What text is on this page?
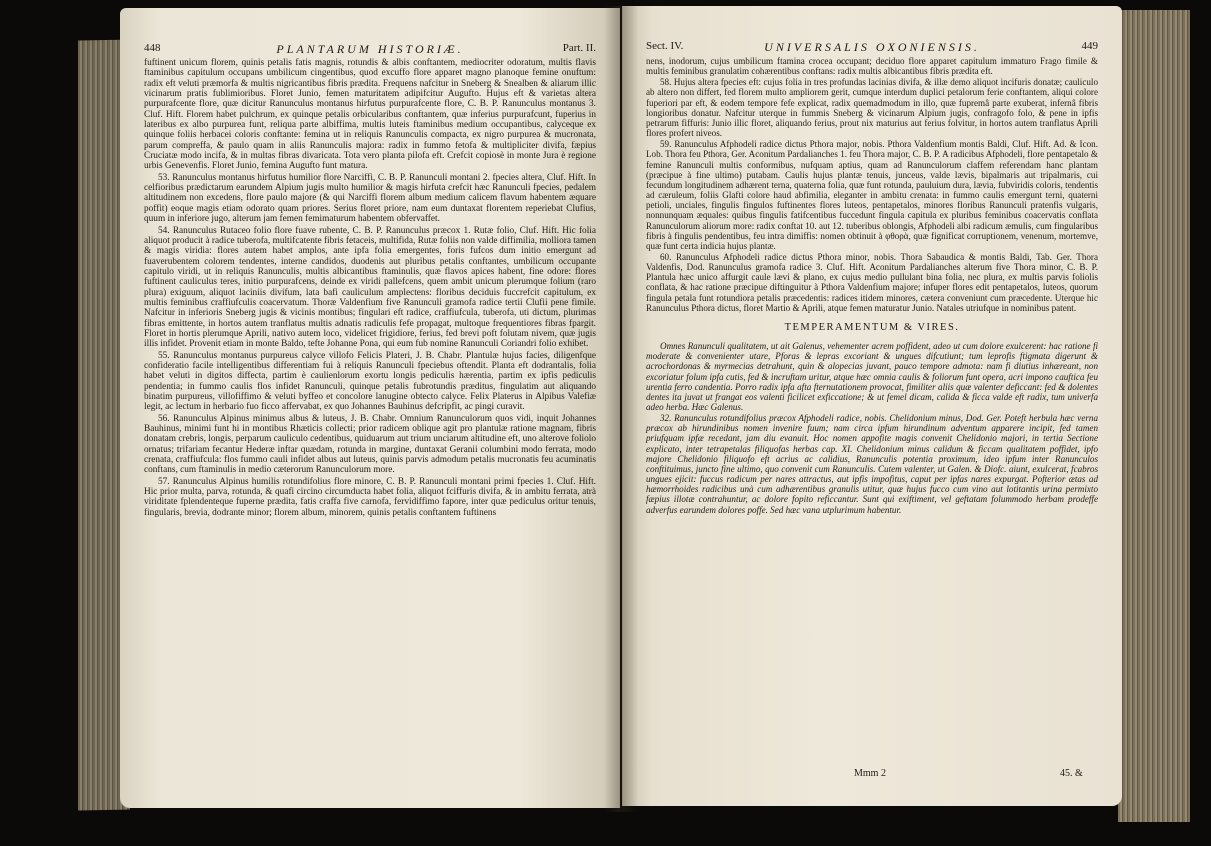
448	PLANTARUM HISTORIÆ.	Part. II.

fuftinent unicum florem, quinis petalis fatis magnis, rotundis & albis conftantem, mediocriter odoratum, multis flavis ftaminibus capitulum occupans umbilicum cingentibus, quod excuffo flore apparet magno planoque femine onuftum: radix eft veluti præmorfa & multis nigricantibus fibris prædita. Frequens nafcitur in Sneberg & Snealben & aliarum illic vicinarum pratis fublimioribus. Floret Junio, femen maturitatem adipifcitur Augufto. Hujus eft & varietas altera purpurafcente flore, quæ dicitur Ranunculus montanus hirfutus purpurafcente flore, C. B. P. Ranunculus montanus 3. Cluf. Hift. Florem habet pulchrum, ex quinque petalis orbicularibus conftantem, quæ inferius purpurafcunt, fuperius in lateribus ex albo purpurea funt, reliqua parte albiffima, multis luteis ftaminibus medium occupantibus, calyceque ex quinque foliis herbacei coloris conftante: femina ut in reliquis Ranunculis compacta, ex nigro purpurea & mucronata, parum compreffa, & paulo quam in aliis Ranunculis majora: radix in fummo fetofa & multipliciter divifa, fæpius Cruciatæ modo incifa, & in multas fibras divaricata. Tota vero planta pilofa eft. Crefcit copiosè in monte Jura è regione urbis Genevenfis. Floret Junio, femina Augufto funt matura.

53. Ranunculus montanus hirfutus humilior flore Narciffi, C. B. P. Ranunculi montani 2. fpecies altera, Cluf. Hift. In celfioribus prædictarum earundem Alpium jugis multo humilior & magis hirfuta crefcit hæc Ranunculi fpecies, pedalem altitudinem non excedens, flore paulo majore (& qui Narciffi florem album medium calicem flavum habentem æquare poffit) eoque magis etiam odorato quam priores. Serius floret priore, nam eum duntaxat florentem reperiebat Clufius, quum in inferiore jugo, alterum jam femen femimaturum habentem obfervaffet.

54. Ranunculus Rutaceo folio flore fuave rubente, C. B. P. Ranunculus præcox 1. Rutæ folio, Cluf. Hift. Hic folia aliquot producit à radice tuberofa, multifcatente fibris fetaceis, multifida, Rutæ foliis non valde diffimilia, molliora tamen & magis viridia: flores autem habet amplos, ante ipfa folia emergentes, foris fufcos dum initio emergunt ad fuaverubentem colorem tendentes, interne candidos, duodenis aut pluribus petalis conftantes, umbilicum occupante capitulo viridi, ut in reliquis Ranunculis, multis albicantibus ftaminulis, quæ flavos apices habent, fine odore: flores fuftinent cauliculus teres, initio purpurafcens, deinde ex viridi pallefcens, quem ambit unicum plerumque folium (raro plura) exiguum, aliquot laciniis divifum, lata bafi cauliculum amplectens: floribus deciduis fuccrefcit capitulum, ex multis feminibus craffiufculis coacervatum. Thoræ Valdenfium five Ranunculi gramofa radice tertii Clufii pene fimile. Nafcitur in inferioris Sneberg jugis & vicinis montibus; fingulari eft radice, craffiufcula, tuberofa, uti dictum, plurimas fibras emittente, in hortos autem tranflatus multis adnatis radiculis fefe propagat, multoque frequentiores fibras fpargit. Floret in hortis plerumque Aprili, nativo autem loco, videlicet frigidiore, ferius, fed brevi poft folutam nivem, quæ jugis illis infidet. Provenit etiam in monte Baldo, tefte Johanne Pona, qui eum fub nomine Ranunculi Coriandri folio exhibet.

55. Ranunculus montanus purpureus calyce villofo Felicis Plateri, J. B. Chabr. Plantulæ hujus facies, diligenfque confideratio facile intelligentibus differentiam fui à reliquis Ranunculi fpeciebus oftendit. Planta eft dodrantalis, folia habet veluti in digitos diffecta, partim è caulienlorum exortu longis pediculis hærentia, partim ex ipfis pediculis pendentia; in fummo caulis flos infidet Ranunculi, quinque petalis fubrotundis præditus, fingulatim aut aliquando binatim purpureus, villofiffimo & veluti byffeo et concolore lanugine obtecto calyce. Felix Platerus in Alpibus Valefiæ legit, ac lectum in herbario fuo ficco affervabat, ex quo Johannes Bauhinus defcripfit, ac pingi curavit.

56. Ranunculus Alpinus minimus albus & luteus, J. B. Chabr. Omnium Ranunculorum quos vidi, inquit Johannes Bauhinus, minimi funt hi in montibus Rhæticis collecti; prior radicem oblique agit pro plantulæ ratione magnam, fibris donatam crebris, longis, perparum cauliculo cedentibus, quiduarum aut trium unciarum altitudine eft, uno alterove foliolo ornatus; trifariam fecantur Hederæ inftar quædam, rotunda in margine, duntaxat Geranii columbini modo ferrata, modo crenata, craffiufcula: flos fummo cauli infidet albus aut luteus, quinis parvis admodum petalis mucronatis feu acuminatis conftans, cum ftaminulis in medio cæterorum Ranunculorum more.

57. Ranunculus Alpinus humilis rotundifolius flore minore, C. B. P. Ranunculi montani primi fpecies 1. Cluf. Hift. Hic prior multa, parva, rotunda, & quafi circino circumducta habet folia, aliquot fciffuris divifa, & in ambitu ferrata, atrà viriditate fplendenteque fuperne prædita, fatis craffa five carnofa, fervidiffimo fapore, inter quæ pediculus oritur tenuis, fingularis, brevia, dodrante minor; florem album, minorem, quinis petalis conftantem fuftinens

Sect. IV.	UNIVERSALIS OXONIENSIS.	449

nens, inodorum, cujus umbilicum ftamina crocea occupant; deciduo flore apparet capitulum immaturo Frago fimile & multis feminibus granulatim cohærentibus conftans: radix multis albicantibus fibris prædita eft.

58. Hujus altera fpecies eft: cujus folia in tres profundas lacinias divifa, & illæ demo aliquot incifuris donatæ; cauliculo ab altero non differt, fed florem multo ampliorem gerit, cumque interdum duplici petalorum ferie conftantem, aliqui colore fuperiori par eft, & eodem tempore fefe explicat, radix quemadmodum in illo, quæ fupremâ parte exuberat, infernâ fibris longioribus donatur. Nafcitur uterque in fummis Sneberg & vicinarum Alpium jugis, confragofo folo, & pene in ipfis petrarum fiffuris: Junio illic floret, aliquando ferius, prout nix maturius aut ferius folvitur, in hortos autem tranflatus Aprili flores profert niveos.

59. Ranunculus Afphodeli radice dictus Pthora major, nobis. Pthora Valdenfium montis Baldi, Cluf. Hift. Ad. & Icon. Lob. Thora feu Pthora, Ger. Aconitum Pardalianches 1. feu Thora major, C. B. P. A radicibus Afphodeli, flore pentapetalo & femine Ranunculi multis conformibus, nufquam aptius, quam ad Ranunculorum claffem referendam hanc plantam (præcipue à fine ultimo) putabam. Caulis hujus plantæ tenuis, junceus, valde lævis, bipalmaris aut tripalmaris, cui fecundum longitudinem adhærent terna, quaterna folia, quæ funt rotunda, pauluium dura, lævia, fubviridis coloris, tendentis ad cæruleum, foliis Glafti colore haud abfimilia, eleganter in ambitu crenata: in fummo caulis emergunt terni, quaterni petioli, unciales, fingulis fingulos fuftinentes flores luteos, pentapetalos, minores floribus Ranunculi pratenfis vulgaris, nonnunquam æquales: quibus fingulis fatifcentibus fuccedunt fingula capitula ex pluribus feminibus coacervatis conflata Ranunculorum aliorum more: radix conftat 10. aut 12. tuberibus oblongis, Afphodeli albi radicum æmulis, cum fingularibus fibris à fingulis pendentibus, feu intra dimiffis: nomen obtinuit à φθορὰ, quæ fignificat corruptionem, venenum, mortemve, quæ funt certa indicia hujus plantæ.

60. Ranunculus Afphodeli radice dictus Pthora minor, nobis. Thora Sabaudica & montis Baldi, Tab. Ger. Thora Valdenfis, Dod. Ranunculus gramofa radice 3. Cluf. Hift. Aconitum Pardalianches alterum five Thora minor, C. B. P. Plantula hæc unico affurgit caule lævi & plano, ex cujus medio pullulant bina folia, nec plura, ex multis parvis foliolis conflata, & hac ratione præcipue diftinguitur à Pthora Valdenfium majore; infuper flores edit pentapetalos, luteos, quorum fingula petala funt rotundiora petalis præcedentis: radices itidem minores, cætera conveniunt cum præcedente. Uterque hic Ranunculus Pthora dictus, floret Martio & Aprili, atque femen maturatur Junio. Natales utriufque in nominibus patent.

TEMPERAMENTUM & VIRES.

Omnes Ranunculi qualitatem, ut ait Galenus, vehementer acrem poffident, adeo ut cum dolore exulcerent: hac ratione fi moderate & convenienter utare, Pforas & lepras excoriant & ungues difcutiunt; tum leprofis ftigmata digerunt & acrochordonas & myrmecias detrahunt, quin & alopecias juvant, pauco tempore admota: nam fi diutius inhæreant, non excoriatur folum ipfa cutis, fed & incruftam uritur, atque hæc omnia caulis & foliorum funt opera, acri impono cauftica feu urentia ferro candentia. Porro radix ipfa afta fternutationem provocat, fimiliter aliis quæ valenter deficcant: fed & dolentes dentes ita juvat ut frangat eos valenti ficilicet exficcatione; & ut femel dicam, calida & ficca valde eft radix, tum univerfa adeo herba. Hæc Galenus.

32. Ranunculus rotundifolius præcox Afphodeli radice, nobis. Chelidonium minus, Dod. Ger. Poteft herbula hæc verna præcox ab hirundinibus nomen invenire fuum; nam circa ipfum hirundinum adventum apparere incipit, fed tamen priufquam ipfæ recedant, jam diu evanuit. Hoc nomen appofite magis convenit Chelidonio majori, in tertia Sectione explicato, inter tetrapetalas filiquofas herbas cap. XI. Chelidonium minus calidum & ficcam qualitatem poffidet, ipfo majore Chelidonio filiquofo eft acrius ac calidius, Ranunculis potentia proximum, ideo ipfum inter Ranunculos conftituimus, juncto fine ultimo, quo convenit cum Ranunculis. Cutem valenter, ut Galen. & Diofc. aiunt, exulcerat, fcabros ungues ejicit: fuccus radicum per nares attractus, aut ipfis impofitus, caput per ipfas nares expurgat. Pofterior ætas ad hæmorrhoides radicibus unà cum adhærentibus granulis utitur, quæ hujus fucco cum vino aut lotitantis urina permixto fæpius illotæ contrahuntur, ac dolore fopito reficcantur. Sunt qui exiftiment, vel geftatam folummodo herbam prodeffe adverfus earundem dolores poffe. Sed hæc vana utplurimum habentur.

Mmm 2	45. &
